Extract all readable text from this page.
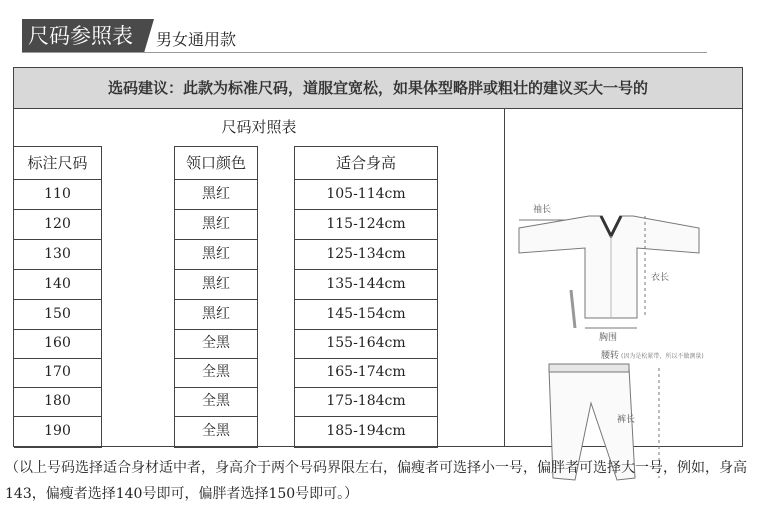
尺码参照表	男女通用款
选码建议：此款为标准尺码，道服宜宽松，如果体型略胖或粗壮的建议买大一号的
尺码对照表
标注尺码
110
120
130
140
150
160
170
180
190
领口颜色
黑红
黑红
黑红
黑红
黑红
全黑
全黑
全黑
全黑
适合身高
105-114cm
115-124cm
125-134cm
135-144cm
145-154cm
155-164cm
165-174cm
175-184cm
185-194cm
袖长
衣长
胸围
腰转 (因为是松紧带，所以不做测量)
裤长
（以上号码选择适合身材适中者，身高介于两个号码界限左右，偏瘦者可选择小一号，偏胖者可选择大一号，例如，身高143，偏瘦者选择140号即可，偏胖者选择150号即可。）
